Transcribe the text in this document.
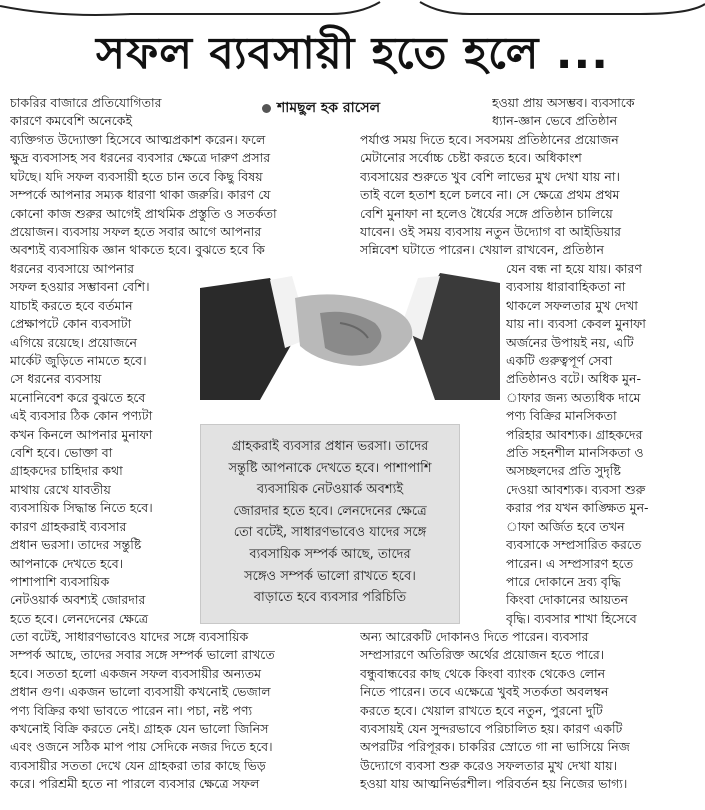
সফল ব্যবসায়ী হতে হলে ...
শামছুল হক রাসেল
চাকরির বাজারে প্রতিযোগিতার
কারণে কমবেশি অনেকেই
হওয়া প্রায় অসম্ভব। ব্যবসাকে
ধ্যান-জ্ঞান ভেবে প্রতিষ্ঠান
ব্যক্তিগত উদ্যোক্তা হিসেবে আত্মপ্রকাশ করেন। ফলে
ক্ষুদ্র ব্যবসাসহ সব ধরনের ব্যবসার ক্ষেত্রে দারুণ প্রসার
ঘটছে। যদি সফল ব্যবসায়ী হতে চান তবে কিছু বিষয়
সম্পর্কে আপনার সম্যক ধারণা থাকা জরুরি। কারণ যে
কোনো কাজ শুরুর আগেই প্রাথমিক প্রস্তুতি ও সতর্কতা
প্রয়োজন। ব্যবসায় সফল হতে সবার আগে আপনার
অবশ্যই ব্যবসায়িক জ্ঞান থাকতে হবে। বুঝতে হবে কি
পর্যাপ্ত সময় দিতে হবে। সবসময় প্রতিষ্ঠানের প্রয়োজন
মেটানোর সর্বোচ্চ চেষ্টা করতে হবে। অধিকাংশ
ব্যবসায়ের শুরুতে খুব বেশি লাভের মুখ দেখা যায় না।
তাই বলে হতাশ হলে চলবে না। সে ক্ষেত্রে প্রথম প্রথম
বেশি মুনাফা না হলেও ধৈর্যের সঙ্গে প্রতিষ্ঠান চালিয়ে
যাবেন। ওই সময় ব্যবসায় নতুন উদ্যোগ বা আইডিয়ার
সন্নিবেশ ঘটাতে পারেন। খেয়াল রাখবেন, প্রতিষ্ঠান
ধরনের ব্যবসায়ে আপনার
সফল হওয়ার সম্ভাবনা বেশি।
যাচাই করতে হবে বর্তমান
প্রেক্ষাপটে কোন ব্যবসাটা
এগিয়ে রয়েছে। প্রয়োজনে
মার্কেট জুড়িতে নামতে হবে।
সে ধরনের ব্যবসায়
মনোনিবেশ করে বুঝতে হবে
এই ব্যবসার ঠিক কোন পণ্যটা
কখন কিনলে আপনার মুনাফা
বেশি হবে। ভোক্তা বা
গ্রাহকদের চাহিদার কথা
মাথায় রেখে যাবতীয়
ব্যবসায়িক সিদ্ধান্ত নিতে হবে।
কারণ গ্রাহকরাই ব্যবসার
প্রধান ভরসা। তাদের সন্তুষ্টি
আপনাকে দেখতে হবে।
পাশাপাশি ব্যবসায়িক
নেটওয়ার্ক অবশ্যই জোরদার
হতে হবে। লেনদেনের ক্ষেত্রে
যেন বন্ধ না হয়ে যায়। কারণ
ব্যবসায় ধারাবাহিকতা না
থাকলে সফলতার মুখ দেখা
যায় না। ব্যবসা কেবল মুনাফা
অর্জনের উপায়ই নয়, এটি
একটি গুরুত্বপূর্ণ সেবা
প্রতিষ্ঠানও বটে। অধিক মুন-
াফার জন্য অত্যধিক দামে
পণ্য বিক্রির মানসিকতা
পরিহার আবশ্যক। গ্রাহকদের
প্রতি সহনশীল মানসিকতা ও
অসচ্ছলদের প্রতি সুদৃষ্টি
দেওয়া আবশ্যক। ব্যবসা শুরু
করার পর যখন কাঙ্ক্ষিত মুন-
াফা অর্জিত হবে তখন
ব্যবসাকে সম্প্রসারিত করতে
পারেন। এ সম্প্রসারণ হতে
পারে দোকানে দ্রব্য বৃদ্ধি
কিংবা দোকানের আয়তন
বৃদ্ধি। ব্যবসার শাখা হিসেবে
তো বটেই, সাধারণভাবেও যাদের সঙ্গে ব্যবসায়িক
সম্পর্ক আছে, তাদের সবার সঙ্গে সম্পর্ক ভালো রাখতে
হবে। সততা হলো একজন সফল ব্যবসায়ীর অন্যতম
প্রধান গুণ। একজন ভালো ব্যবসায়ী কখনোই ভেজাল
পণ্য বিক্রির কথা ভাবতে পারেন না। পচা, নষ্ট পণ্য
কখনোই বিক্রি করতে নেই। গ্রাহক যেন ভালো জিনিস
এবং ওজনে সঠিক মাপ পায় সেদিকে নজর দিতে হবে।
ব্যবসায়ীর সততা দেখে যেন গ্রাহকরা তার কাছে ভিড়
করে। পরিশ্রমী হতে না পারলে ব্যবসার ক্ষেত্রে সফল
অন্য আরেকটি দোকানও দিতে পারেন। ব্যবসার
সম্প্রসারণে অতিরিক্ত অর্থের প্রয়োজন হতে পারে।
বন্ধুবান্ধবের কাছ থেকে কিংবা ব্যাংক থেকেও লোন
নিতে পারেন। তবে এক্ষেত্রে খুবই সতর্কতা অবলম্বন
করতে হবে। খেয়াল রাখতে হবে নতুন, পুরনো দুটি
ব্যবসায়ই যেন সুন্দরভাবে পরিচালিত হয়। কারণ একটি
অপরটির পরিপূরক। চাকরির স্রোতে গা না ভাসিয়ে নিজ
উদ্যোগে ব্যবসা শুরু করেও সফলতার মুখ দেখা যায়।
হওয়া যায় আত্মনির্ভরশীল। পরিবর্তন হয় নিজের ভাগ্য।
গ্রাহকরাই ব্যবসার প্রধান ভরসা। তাদের
সন্তুষ্টি আপনাকে দেখতে হবে। পাশাপাশি
ব্যবসায়িক নেটওয়ার্ক অবশ্যই
জোরদার হতে হবে। লেনদেনের ক্ষেত্রে
তো বটেই, সাধারণভাবেও যাদের সঙ্গে
ব্যবসায়িক সম্পর্ক আছে, তাদের
সঙ্গেও সম্পর্ক ভালো রাখতে হবে।
বাড়াতে হবে ব্যবসার পরিচিতি
